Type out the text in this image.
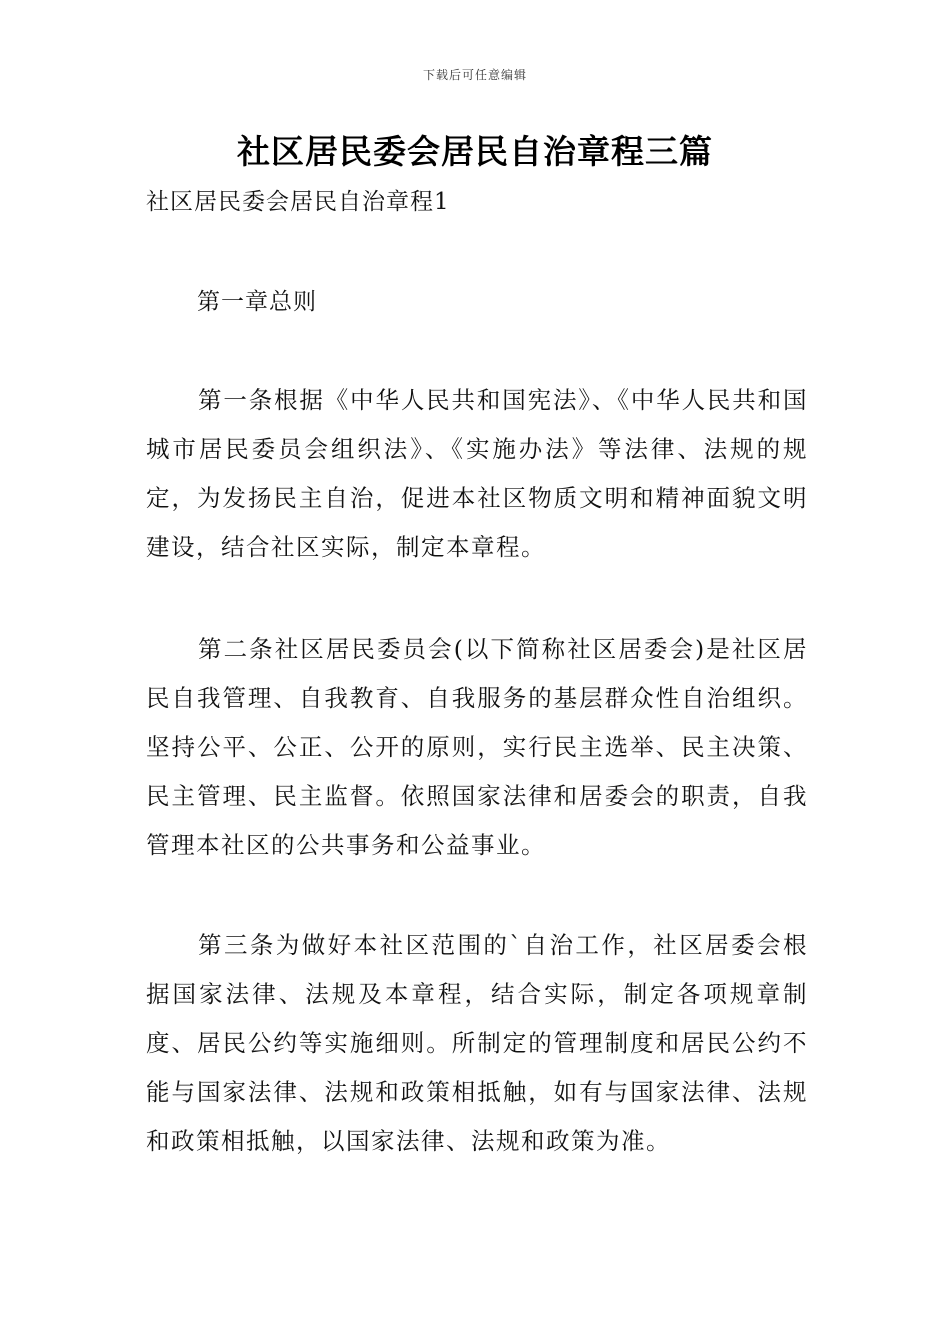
下载后可任意编辑
社区居民委会居民自治章程三篇
社区居民委会居民自治章程1
第一章总则

第一条根据《中华人民共和国宪法》、《中华人民共和国城市居民委员会组织法》、《实施办法》等法律、法规的规定，为发扬民主自治，促进本社区物质文明和精神面貌文明建设，结合社区实际，制定本章程。

第二条社区居民委员会(以下简称社区居委会)是社区居民自我管理、自我教育、自我服务的基层群众性自治组织。坚持公平、公正、公开的原则，实行民主选举、民主决策、民主管理、民主监督。依照国家法律和居委会的职责，自我管理本社区的公共事务和公益事业。

第三条为做好本社区范围的`自治工作，社区居委会根据国家法律、法规及本章程，结合实际，制定各项规章制度、居民公约等实施细则。所制定的管理制度和居民公约不能与国家法律、法规和政策相抵触，如有与国家法律、法规和政策相抵触，以国家法律、法规和政策为准。
